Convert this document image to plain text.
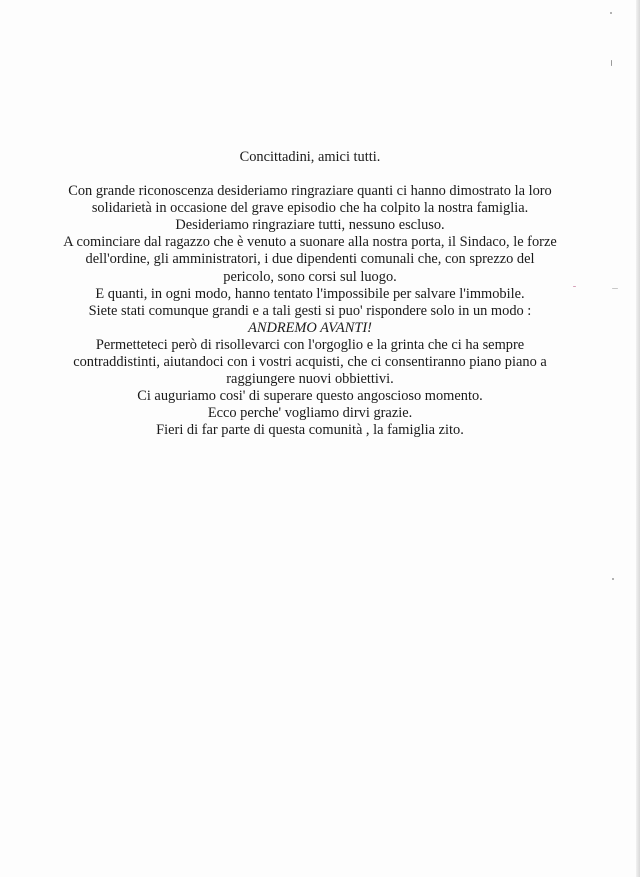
Concittadini, amici tutti.

Con grande riconoscenza desideriamo ringraziare quanti ci hanno dimostrato la loro
solidarietà in occasione del grave episodio che ha colpito la nostra famiglia.
Desideriamo ringraziare tutti, nessuno escluso.
A cominciare dal ragazzo che è venuto a suonare alla nostra porta, il Sindaco, le forze
dell'ordine, gli amministratori, i due dipendenti comunali che, con sprezzo del
pericolo, sono corsi sul luogo.
E quanti, in ogni modo, hanno tentato l'impossibile per salvare l'immobile.
Siete stati comunque grandi e a tali gesti si puo' rispondere solo in un modo :
ANDREMO AVANTI!
Permetteteci però di risollevarci con l'orgoglio e la grinta che ci ha sempre
contraddistinti, aiutandoci con i vostri acquisti, che ci consentiranno piano piano a
raggiungere nuovi obbiettivi.
Ci auguriamo cosi' di superare questo angoscioso momento.
Ecco perche' vogliamo dirvi grazie.
Fieri di far parte di questa comunità , la famiglia zito.
